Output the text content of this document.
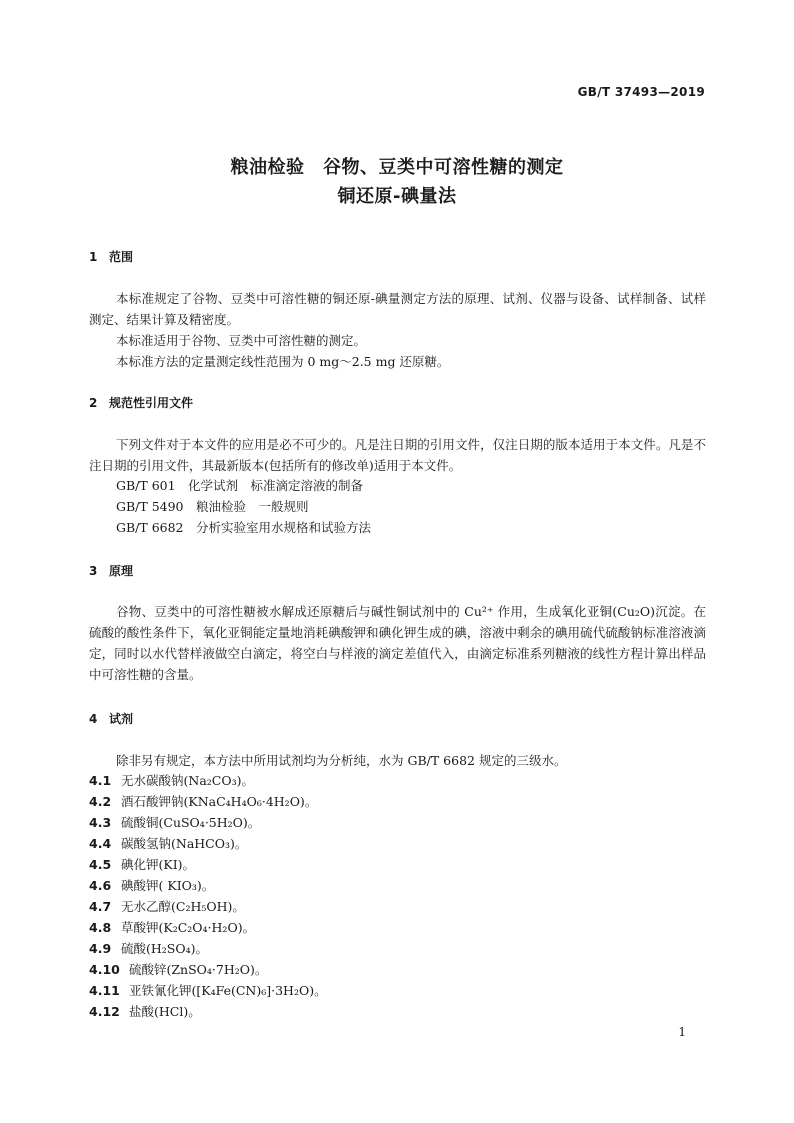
GB/T 37493—2019
粮油检验　谷物、豆类中可溶性糖的测定
铜还原-碘量法
1 范围
本标准规定了谷物、豆类中可溶性糖的铜还原-碘量测定方法的原理、试剂、仪器与设备、试样制备、试样测定、结果计算及精密度。
本标准适用于谷物、豆类中可溶性糖的测定。
本标准方法的定量测定线性范围为 0 mg～2.5 mg 还原糖。
2 规范性引用文件
下列文件对于本文件的应用是必不可少的。凡是注日期的引用文件，仅注日期的版本适用于本文件。凡是不注日期的引用文件，其最新版本(包括所有的修改单)适用于本文件。
GB/T 601　化学试剂　标准滴定溶液的制备
GB/T 5490　粮油检验　一般规则
GB/T 6682　分析实验室用水规格和试验方法
3 原理
谷物、豆类中的可溶性糖被水解成还原糖后与碱性铜试剂中的 Cu²⁺ 作用，生成氧化亚铜(Cu₂O)沉淀。在硫酸的酸性条件下，氧化亚铜能定量地消耗碘酸钾和碘化钾生成的碘，溶液中剩余的碘用硫代硫酸钠标准溶液滴定，同时以水代替样液做空白滴定，将空白与样液的滴定差值代入，由滴定标准系列糖液的线性方程计算出样品中可溶性糖的含量。
4 试剂
除非另有规定，本方法中所用试剂均为分析纯，水为 GB/T 6682 规定的三级水。
4.1 无水碳酸钠(Na₂CO₃)。
4.2 酒石酸钾钠(KNaC₄H₄O₆·4H₂O)。
4.3 硫酸铜(CuSO₄·5H₂O)。
4.4 碳酸氢钠(NaHCO₃)。
4.5 碘化钾(KI)。
4.6 碘酸钾( KIO₃)。
4.7 无水乙醇(C₂H₅OH)。
4.8 草酸钾(K₂C₂O₄·H₂O)。
4.9 硫酸(H₂SO₄)。
4.10 硫酸锌(ZnSO₄·7H₂O)。
4.11 亚铁氰化钾([K₄Fe(CN)₆]·3H₂O)。
4.12 盐酸(HCl)。
1
